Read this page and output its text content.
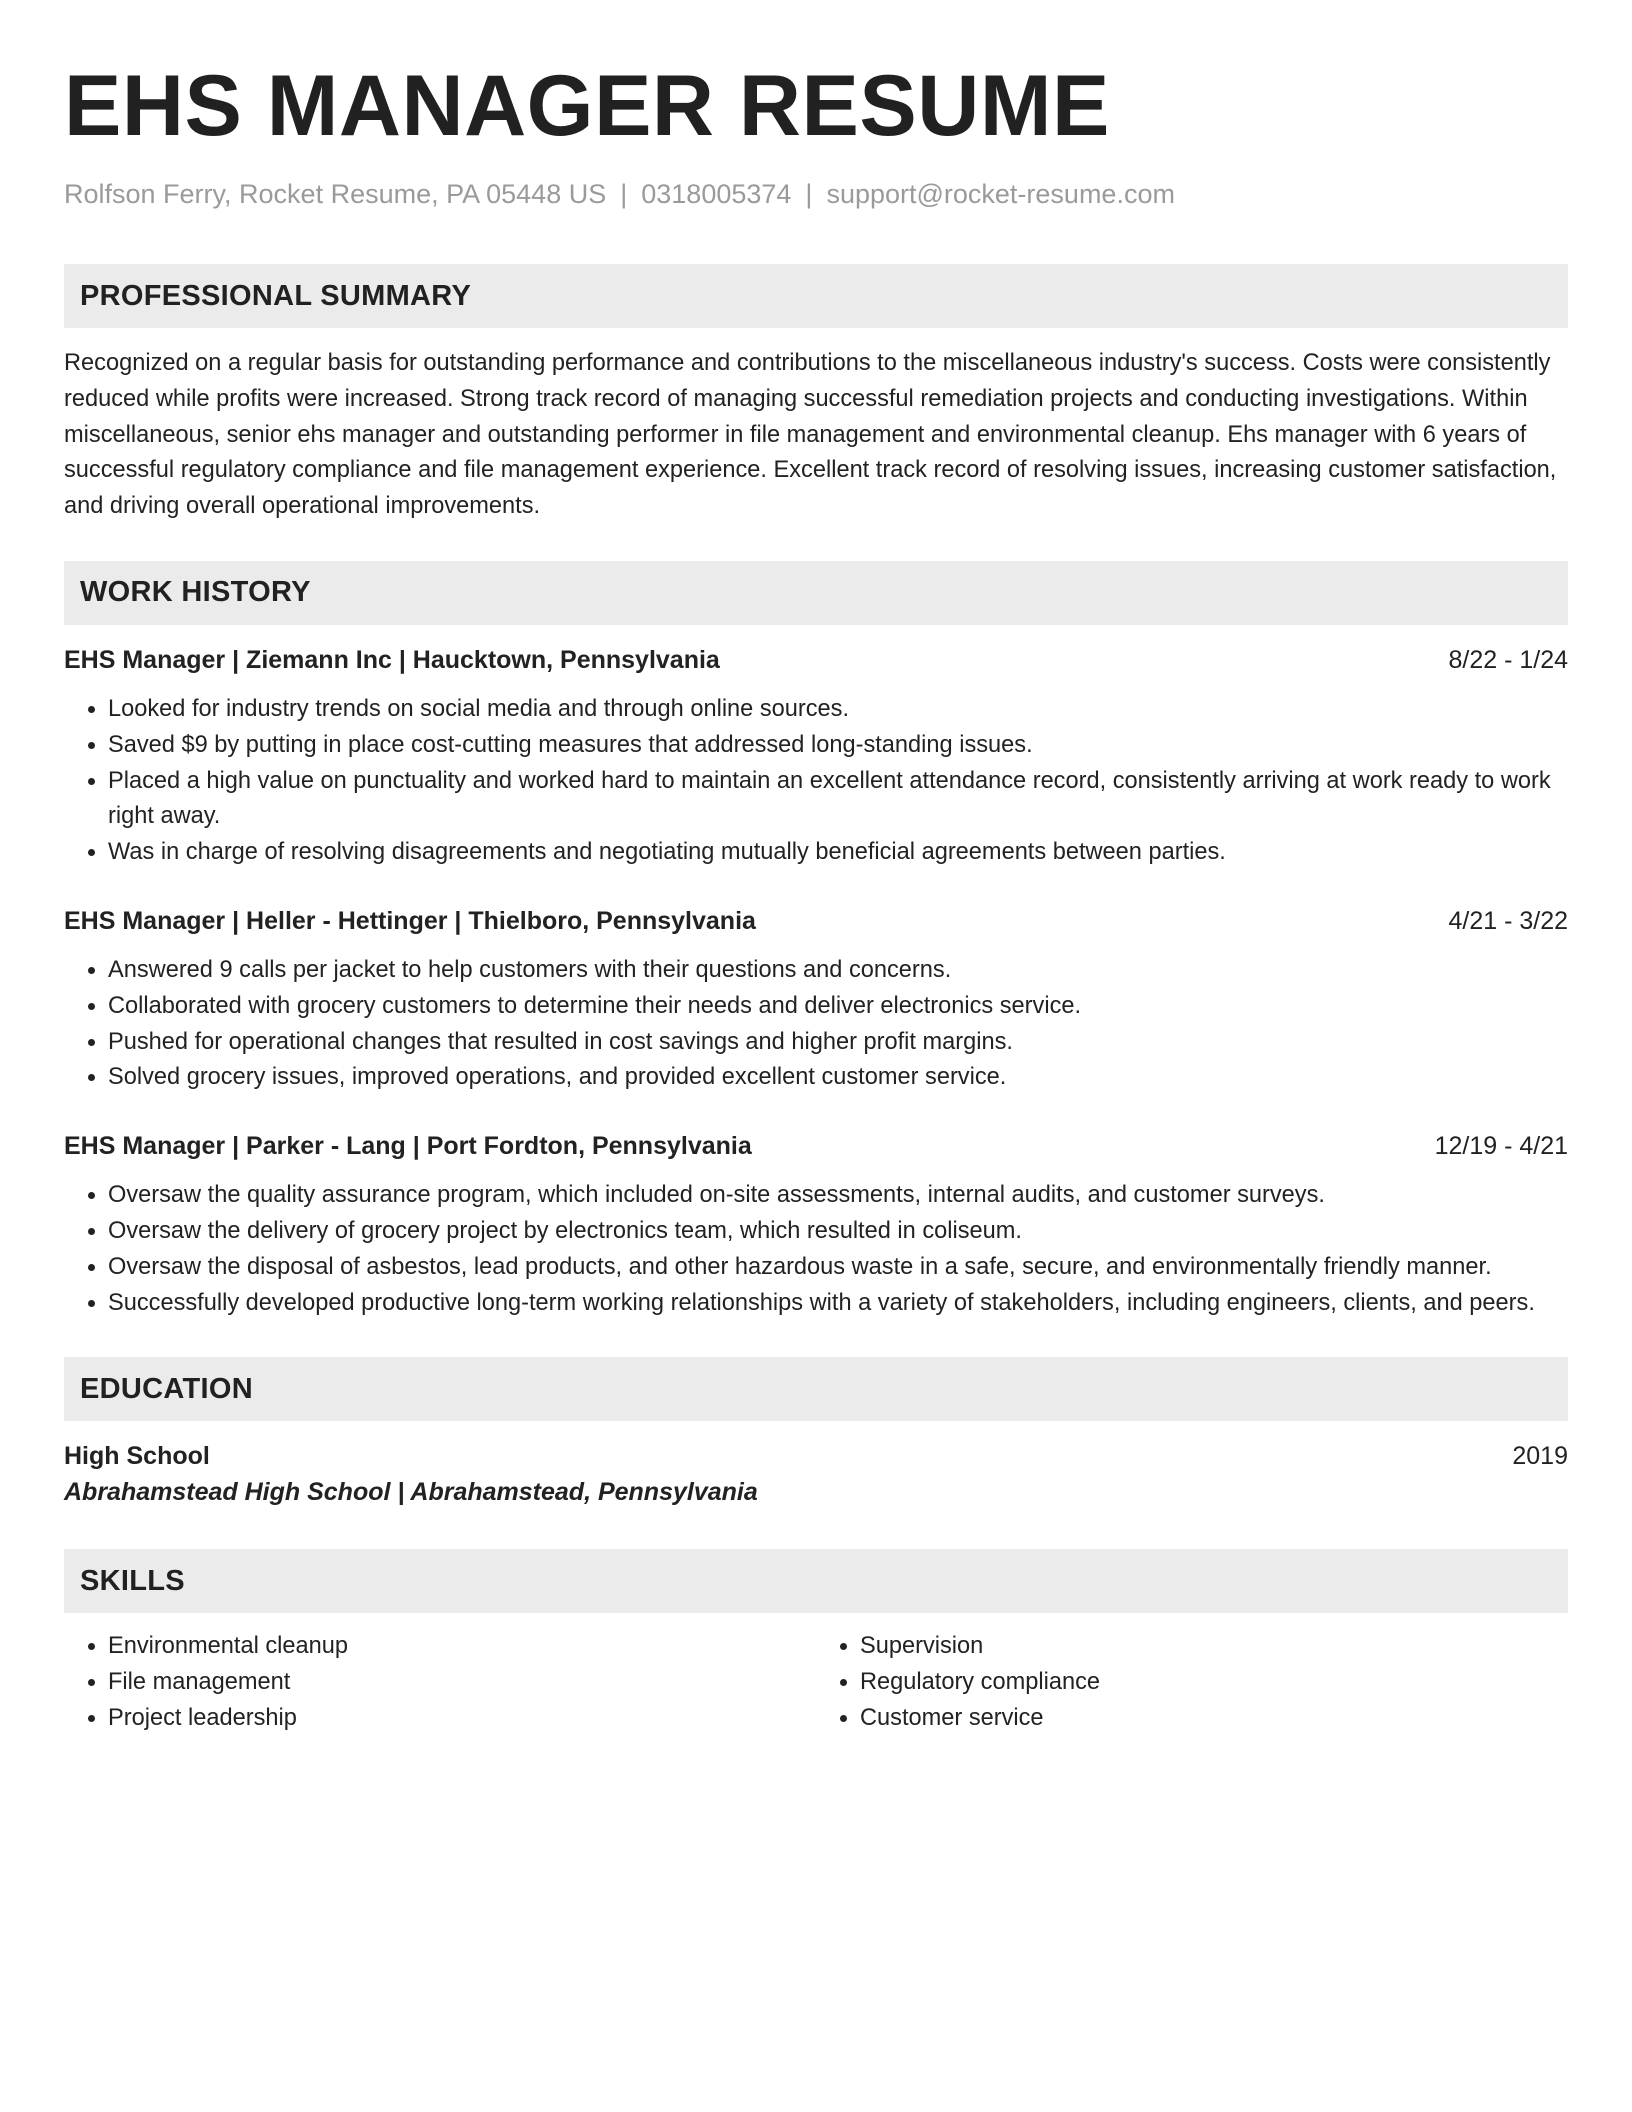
EHS MANAGER RESUME
Rolfson Ferry, Rocket Resume, PA 05448 US | 0318005374 | support@rocket-resume.com
PROFESSIONAL SUMMARY
Recognized on a regular basis for outstanding performance and contributions to the miscellaneous industry's success. Costs were consistently reduced while profits were increased. Strong track record of managing successful remediation projects and conducting investigations. Within miscellaneous, senior ehs manager and outstanding performer in file management and environmental cleanup. Ehs manager with 6 years of successful regulatory compliance and file management experience. Excellent track record of resolving issues, increasing customer satisfaction, and driving overall operational improvements.
WORK HISTORY
EHS Manager | Ziemann Inc | Haucktown, Pennsylvania	8/22 - 1/24
• Looked for industry trends on social media and through online sources.
• Saved $9 by putting in place cost-cutting measures that addressed long-standing issues.
• Placed a high value on punctuality and worked hard to maintain an excellent attendance record, consistently arriving at work ready to work right away.
• Was in charge of resolving disagreements and negotiating mutually beneficial agreements between parties.
EHS Manager | Heller - Hettinger | Thielboro, Pennsylvania	4/21 - 3/22
• Answered 9 calls per jacket to help customers with their questions and concerns.
• Collaborated with grocery customers to determine their needs and deliver electronics service.
• Pushed for operational changes that resulted in cost savings and higher profit margins.
• Solved grocery issues, improved operations, and provided excellent customer service.
EHS Manager | Parker - Lang | Port Fordton, Pennsylvania	12/19 - 4/21
• Oversaw the quality assurance program, which included on-site assessments, internal audits, and customer surveys.
• Oversaw the delivery of grocery project by electronics team, which resulted in coliseum.
• Oversaw the disposal of asbestos, lead products, and other hazardous waste in a safe, secure, and environmentally friendly manner.
• Successfully developed productive long-term working relationships with a variety of stakeholders, including engineers, clients, and peers.
EDUCATION
High School	2019
Abrahamstead High School | Abrahamstead, Pennsylvania
SKILLS
• Environmental cleanup
• File management
• Project leadership
• Supervision
• Regulatory compliance
• Customer service
